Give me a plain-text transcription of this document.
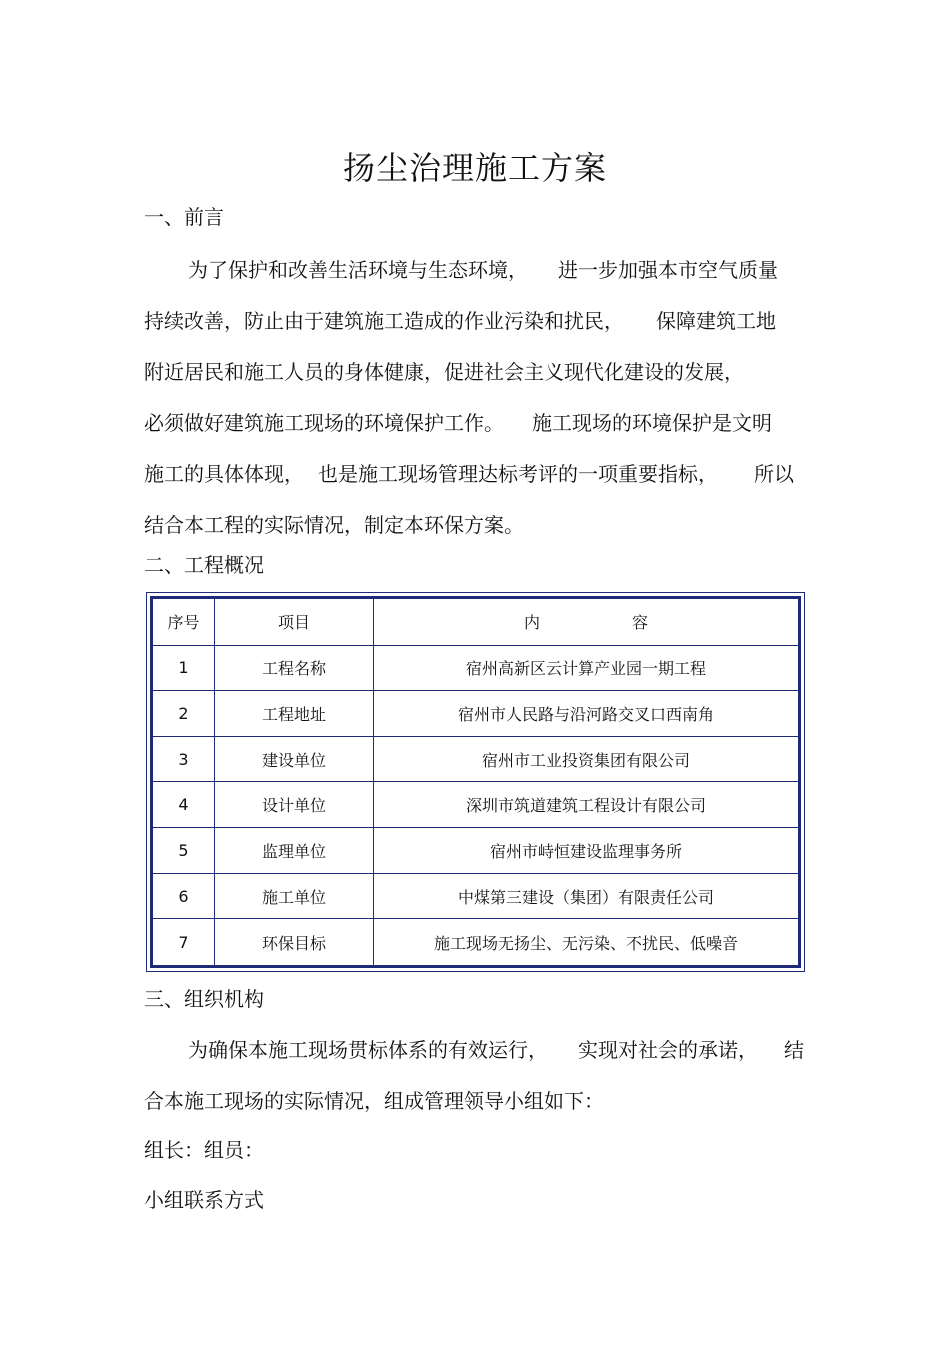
扬尘治理施工方案
一、前言
为了保护和改善生活环境与生态环境， 进一步加强本市空气质量
持续改善，防止由于建筑施工造成的作业污染和扰民， 保障建筑工地
附近居民和施工人员的身体健康，促进社会主义现代化建设的发展，
必须做好建筑施工现场的环境保护工作。 施工现场的环境保护是文明
施工的具体体现， 也是施工现场管理达标考评的一项重要指标， 所以
结合本工程的实际情况，制定本环保方案。
二、工程概况
序号	项目	内 容
1	工程名称	宿州高新区云计算产业园一期工程
2	工程地址	宿州市人民路与沿河路交叉口西南角
3	建设单位	宿州市工业投资集团有限公司
4	设计单位	深圳市筑道建筑工程设计有限公司
5	监理单位	宿州市峙恒建设监理事务所
6	施工单位	中煤第三建设（集团）有限责任公司
7	环保目标	施工现场无扬尘、无污染、不扰民、低噪音
三、组织机构
为确保本施工现场贯标体系的有效运行， 实现对社会的承诺， 结
合本施工现场的实际情况，组成管理领导小组如下：
组长：组员：
小组联系方式
